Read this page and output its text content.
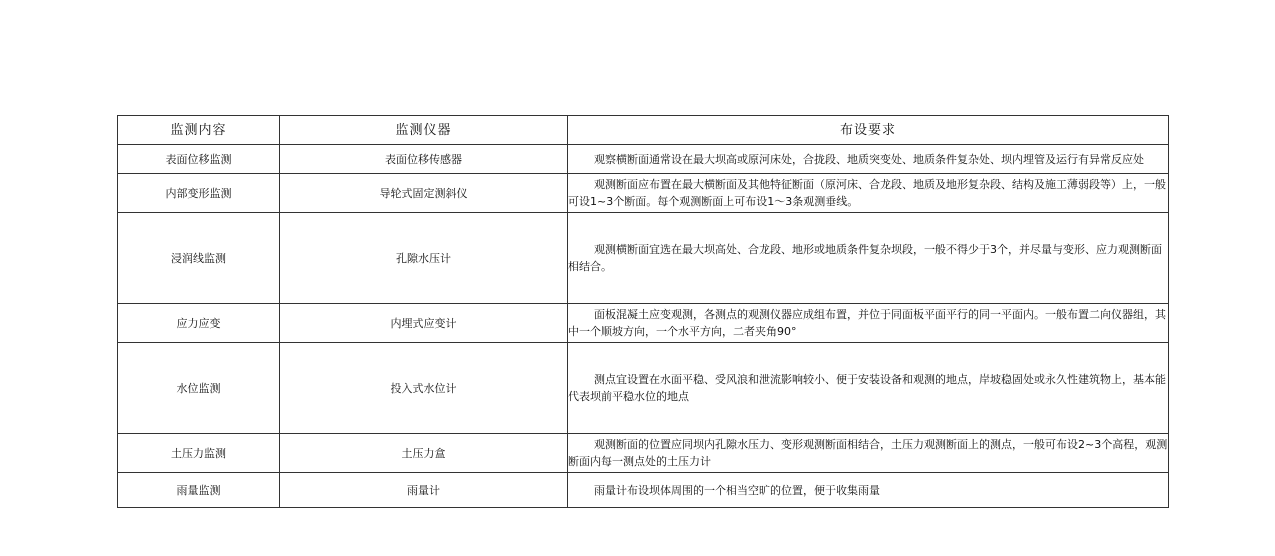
监测内容	监测仪器	布设要求
表面位移监测	表面位移传感器	观察横断面通常设在最大坝高或原河床处，合拢段、地质突变处、地质条件复杂处、坝内埋管及运行有异常反应处

内部变形监测	导轮式固定测斜仪	观测断面应布置在最大横断面及其他特征断面（原河床、合龙段、地质及地形复杂段、结构及施工薄弱段等）上，一般可设1~3个断面。每个观测断面上可布设1～3条观测垂线。

浸润线监测	孔隙水压计	观测横断面宜选在最大坝高处、合龙段、地形或地质条件复杂坝段，一般不得少于3个，并尽量与变形、应力观测断面相结合。

应力应变	内埋式应变计	面板混凝土应变观测，各测点的观测仪器应成组布置，并位于同面板平面平行的同一平面内。一般布置二向仪器组，其中一个顺坡方向，一个水平方向，二者夹角90°

水位监测	投入式水位计	测点宜设置在水面平稳、受风浪和泄流影响较小、便于安装设备和观测的地点，岸坡稳固处或永久性建筑物上，基本能代表坝前平稳水位的地点

土压力监测	土压力盒	观测断面的位置应同坝内孔隙水压力、变形观测断面相结合，土压力观测断面上的测点，一般可布设2~3个高程，观测断面内每一测点处的土压力计

雨量监测	雨量计	雨量计布设坝体周围的一个相当空旷的位置，便于收集雨量
